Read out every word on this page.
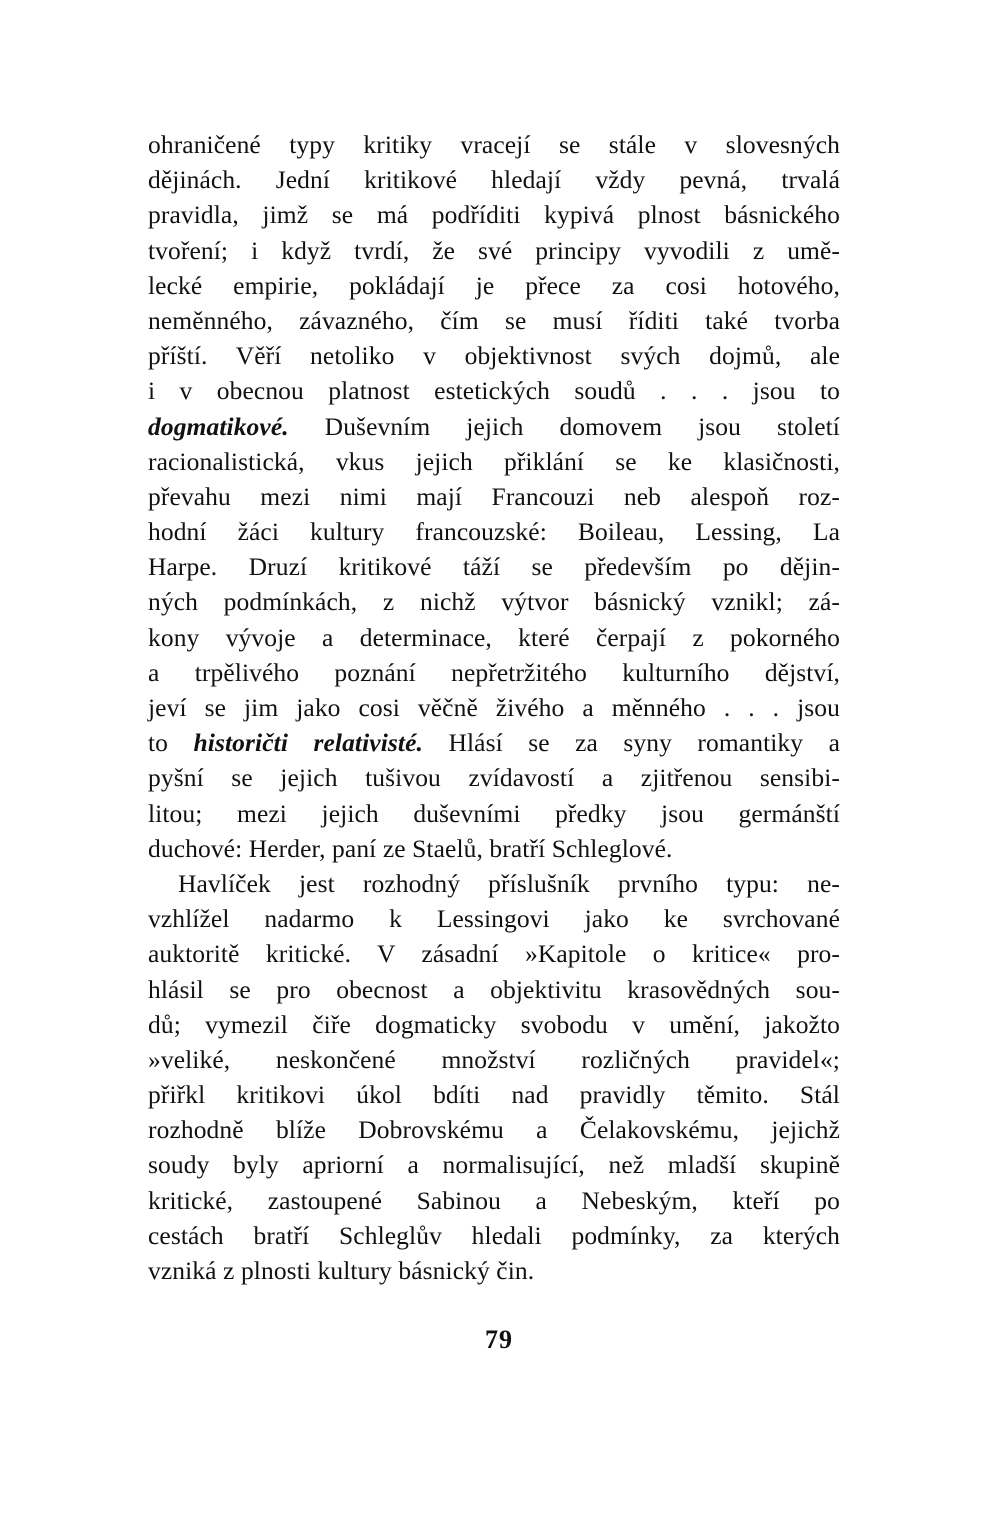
ohraničené typy kritiky vracejí se stále v slovesných
dějinách. Jední kritikové hledají vždy pevná, trvalá
pravidla, jimž se má podříditi kypivá plnost básnického
tvoření; i když tvrdí, že své principy vyvodili z umě-
lecké empirie, pokládají je přece za cosi hotového,
neměnného, závazného, čím se musí říditi také tvorba
příští. Věří netoliko v objektivnost svých dojmů, ale
i v obecnou platnost estetických soudů . . . jsou to
dogmatikové. Duševním jejich domovem jsou století
racionalistická, vkus jejich přiklání se ke klasičnosti,
převahu mezi nimi mají Francouzi neb alespoň roz-
hodní žáci kultury francouzské: Boileau, Lessing, La
Harpe. Druzí kritikové táží se především po dějin-
ných podmínkách, z nichž výtvor básnický vznikl; zá-
kony vývoje a determinace, které čerpají z pokorného
a trpělivého poznání nepřetržitého kulturního dějství,
jeví se jim jako cosi věčně živého a měnného . . . jsou
to historičti relativisté. Hlásí se za syny romantiky a
pyšní se jejich tušivou zvídavostí a zjitřenou sensibi-
litou; mezi jejich duševními předky jsou germánští
duchové: Herder, paní ze Staelů, bratří Schleglové.
Havlíček jest rozhodný příslušník prvního typu: ne-
vzhlížel nadarmo k Lessingovi jako ke svrchované
auktoritě kritické. V zásadní »Kapitole o kritice« pro-
hlásil se pro obecnost a objektivitu krasovědných sou-
dů; vymezil čiře dogmaticky svobodu v umění, jakožto
»veliké, neskončené množství rozličných pravidel«;
přiřkl kritikovi úkol bdíti nad pravidly těmito. Stál
rozhodně blíže Dobrovskému a Čelakovskému, jejichž
soudy byly apriorní a normalisující, než mladší skupině
kritické, zastoupené Sabinou a Nebeským, kteří po
cestách bratří Schleglův hledali podmínky, za kterých
vzniká z plnosti kultury básnický čin.
79
